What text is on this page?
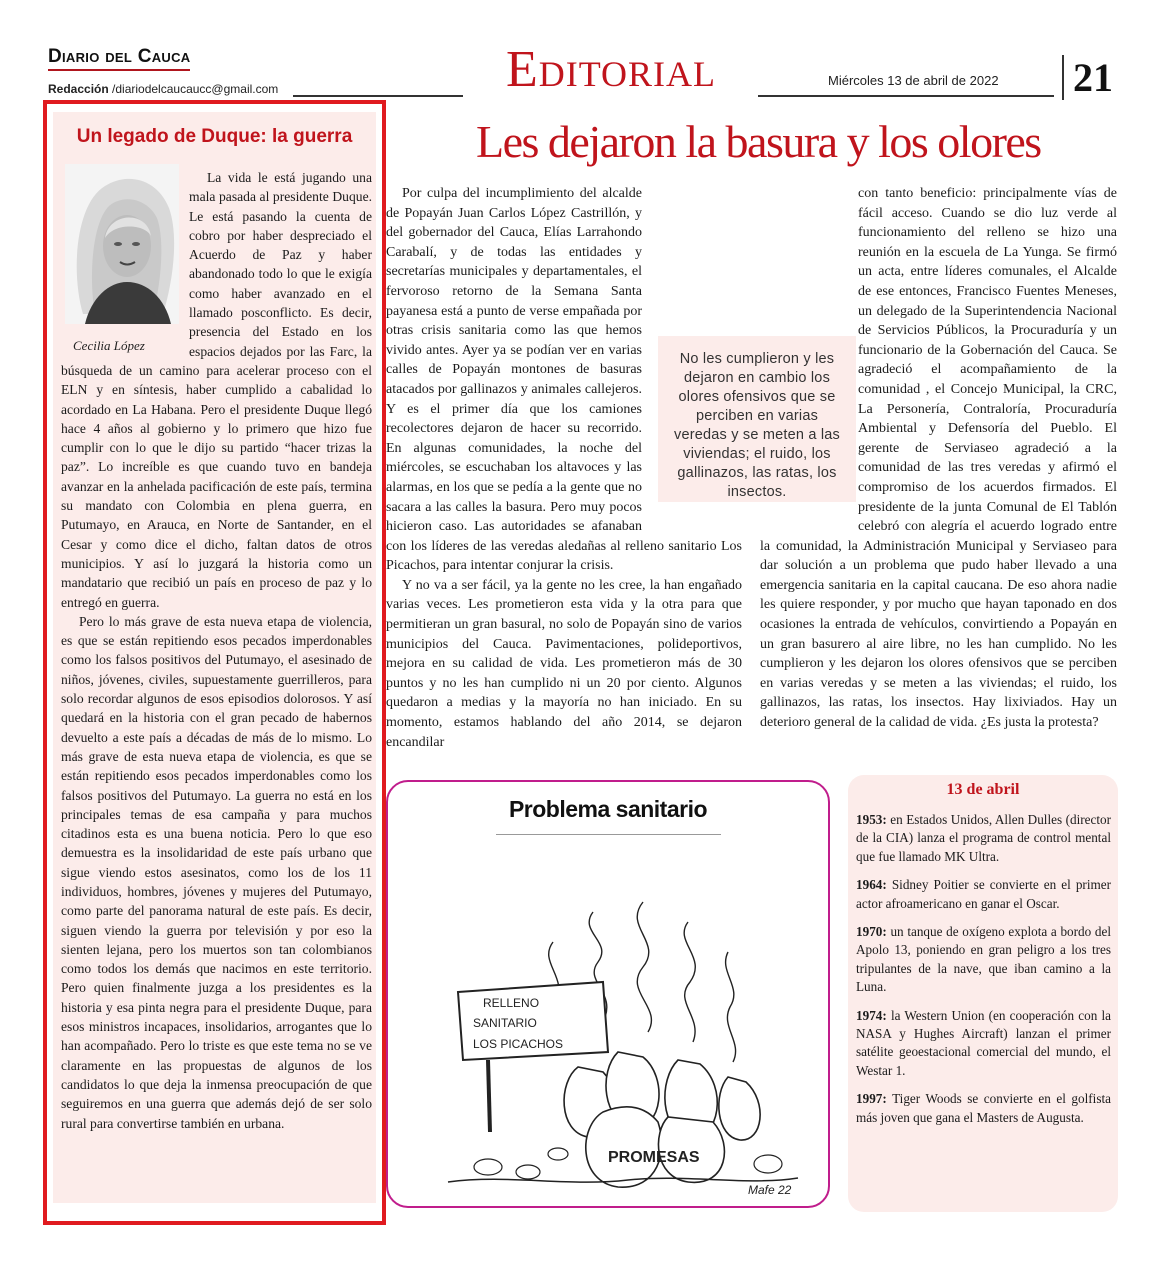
Diario del Cauca
Redacción /diariodelcaucaucc@gmail.com	Editorial	Miércoles 13 de abril de 2022 21
Un legado de Duque: la guerra
Cecilia López

La vida le está jugando una mala pasada al presidente Duque. Le está pasando la cuenta de cobro por haber despreciado el Acuerdo de Paz y haber abandonado todo lo que le exigía como haber avanzado en el llamado posconflicto. Es decir, presencia del Estado en los espacios dejados por las Farc, la búsqueda de un camino para acelerar proceso con el ELN y en síntesis, haber cumplido a cabalidad lo acordado en La Habana. Pero el presidente Duque llegó hace 4 años al gobierno y lo primero que hizo fue cumplir con lo que le dijo su partido “hacer trizas la paz”. Lo increíble es que cuando tuvo en bandeja avanzar en la anhelada pacificación de este país, termina su mandato con Colombia en plena guerra, en Putumayo, en Arauca, en Norte de Santander, en el Cesar y como dice el dicho, faltan datos de otros municipios. Y así lo juzgará la historia como un mandatario que recibió un país en proceso de paz y lo entregó en guerra.

Pero lo más grave de esta nueva etapa de violencia, es que se están repitiendo esos pecados imperdonables como los falsos positivos del Putumayo, el asesinado de niños, jóvenes, civiles, supuestamente guerrilleros, para solo recordar algunos de esos episodios dolorosos. Y así quedará en la historia con el gran pecado de habernos devuelto a este país a décadas de más de lo mismo. Lo más grave de esta nueva etapa de violencia, es que se están repitiendo esos pecados imperdonables como los falsos positivos del Putumayo. La guerra no está en los principales temas de esa campaña y para muchos citadinos esta es una buena noticia. Pero lo que eso demuestra es la insolidaridad de este país urbano que sigue viendo estos asesinatos, como los de los 11 individuos, hombres, jóvenes y mujeres del Putumayo, como parte del panorama natural de este país. Es decir, siguen viendo la guerra por televisión y por eso la sienten lejana, pero los muertos son tan colombianos como todos los demás que nacimos en este territorio. Pero quien finalmente juzga a los presidentes es la historia y esa pinta negra para el presidente Duque, para esos ministros incapaces, insolidarios, arrogantes que lo han acompañado. Pero lo triste es que este tema no se ve claramente en las propuestas de algunos de los candidatos lo que deja la inmensa preocupación de que seguiremos en una guerra que además dejó de ser solo rural para convertirse también en urbana.

Les dejaron la basura y los olores

Por culpa del incumplimiento del alcalde de Popayán Juan Carlos López Castrillón, y del gobernador del Cauca, Elías Larrahondo Carabalí, y de todas las entidades y secretarías municipales y departamentales, el fervoroso retorno de la Semana Santa payanesa está a punto de verse empañada por otras crisis sanitaria como las que hemos vivido antes. Ayer ya se podían ver en varias calles de Popayán montones de basuras atacados por gallinazos y animales callejeros. Y es el primer día que los camiones recolectores dejaron de hacer su recorrido. En algunas comunidades, la noche del miércoles, se escuchaban los altavoces y las alarmas, en los que se pedía a la gente que no sacara a las calles la basura. Pero muy pocos hicieron caso. Las autoridades se afanaban con los líderes de las veredas aledañas al relleno sanitario Los Picachos, para intentar conjurar la crisis.

Y no va a ser fácil, ya la gente no les cree, la han engañado varias veces. Les prometieron esta vida y la otra para que permitieran un gran basural, no solo de Popayán sino de varios municipios del Cauca. Pavimentaciones, polideportivos, mejora en su calidad de vida. Les prometieron más de 30 puntos y no les han cumplido ni un 20 por ciento. Algunos quedaron a medias y la mayoría no han iniciado. En su momento, estamos hablando del año 2014, se dejaron encandilar

con tanto beneficio: principalmente vías de fácil acceso. Cuando se dio luz verde al funcionamiento del relleno se hizo una reunión en la escuela de La Yunga. Se firmó un acta, entre líderes comunales, el Alcalde de ese entonces, Francisco Fuentes Meneses, un delegado de la Superintendencia Nacional de Servicios Públicos, la Procuraduría y un funcionario de la Gobernación del Cauca. Se agradeció el acompañamiento de la comunidad , el Concejo Municipal, la CRC, La Personería, Contraloría, Procuraduría Ambiental y Defensoría del Pueblo. El gerente de Serviaseo agradeció a la comunidad de las tres veredas y afirmó el compromiso de los acuerdos firmados. El presidente de la junta Comunal de El Tablón celebró con alegría el acuerdo logrado entre la comunidad, la Administración Municipal y Serviaseo para dar solución a un problema que pudo haber llevado a una emergencia sanitaria en la capital caucana. De eso ahora nadie les quiere responder, y por mucho que hayan taponado en dos ocasiones la entrada de vehículos, convirtiendo a Popayán en un gran basurero al aire libre, no les han cumplido. No les cumplieron y les dejaron los olores ofensivos que se perciben en varias veredas y se meten a las viviendas; el ruido, los gallinazos, las ratas, los insectos. Hay lixiviados. Hay un deterioro general de la calidad de vida. ¿Es justa la protesta?

No les cumplieron y les dejaron en cambio los olores ofensivos que se perciben en varias veredas y se meten a las viviendas; el ruido, los gallinazos, las ratas, los insectos.
Problema sanitario
RELLENO
SANITARIO
LOS PICACHOS
PROMESAS
Mafe 22
13 de abril
1953: en Estados Unidos, Allen Dulles (director de la CIA) lanza el programa de control mental que fue llamado MK Ultra.
1964: Sidney Poitier se convierte en el primer actor afroamericano en ganar el Oscar.
1970: un tanque de oxígeno explota a bordo del Apolo 13, poniendo en gran peligro a los tres tripulantes de la nave, que iban camino a la Luna.
1974: la Western Union (en cooperación con la NASA y Hughes Aircraft) lanzan el primer satélite geoestacional comercial del mundo, el Westar 1.
1997: Tiger Woods se convierte en el golfista más joven que gana el Masters de Augusta.
